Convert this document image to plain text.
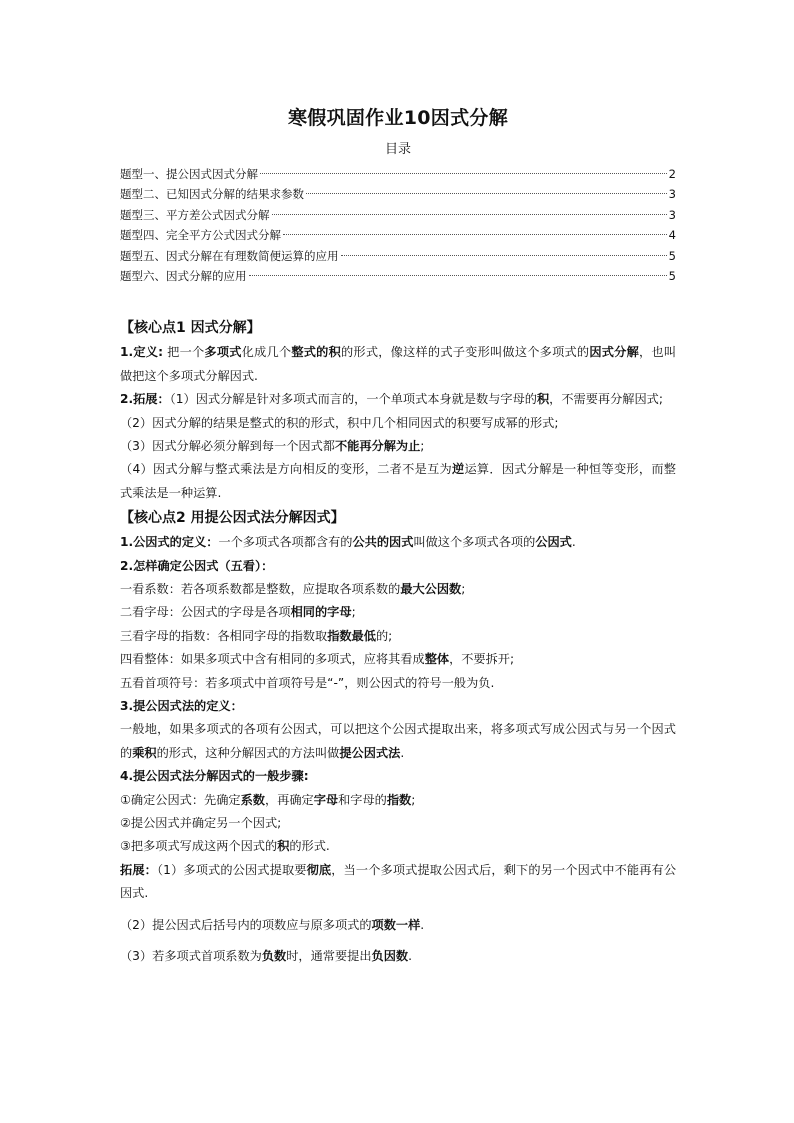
寒假巩固作业10因式分解
目录
题型一、提公因式因式分解	2
题型二、已知因式分解的结果求参数	3
题型三、平方差公式因式分解	3
题型四、完全平方公式因式分解	4
题型五、因式分解在有理数简便运算的应用	5
题型六、因式分解的应用	5
【核心点1 因式分解】

1.定义: 把一个多项式化成几个整式的积的形式，像这样的式子变形叫做这个多项式的因式分解，也叫做把这个多项式分解因式.

2.拓展：（1）因式分解是针对多项式而言的，一个单项式本身就是数与字母的积，不需要再分解因式;

（2）因式分解的结果是整式的积的形式，积中几个相同因式的积要写成幂的形式;

（3）因式分解必须分解到每一个因式都不能再分解为止;

（4）因式分解与整式乘法是方向相反的变形，二者不是互为逆运算．因式分解是一种恒等变形，而整式乘法是一种运算.

【核心点2 用提公因式法分解因式】

1.公因式的定义：一个多项式各项都含有的公共的因式叫做这个多项式各项的公因式.

2.怎样确定公因式（五看）：

一看系数：若各项系数都是整数，应提取各项系数的最大公因数;

二看字母：公因式的字母是各项相同的字母;

三看字母的指数：各相同字母的指数取指数最低的;

四看整体：如果多项式中含有相同的多项式，应将其看成整体，不要拆开;

五看首项符号：若多项式中首项符号是“-”，则公因式的符号一般为负.

3.提公因式法的定义：

一般地，如果多项式的各项有公因式，可以把这个公因式提取出来，将多项式写成公因式与另一个因式的乘积的形式，这种分解因式的方法叫做提公因式法.

4.提公因式法分解因式的一般步骤:

①确定公因式：先确定系数，再确定字母和字母的指数;

②提公因式并确定另一个因式;

③把多项式写成这两个因式的积的形式.

拓展：（1）多项式的公因式提取要彻底，当一个多项式提取公因式后，剩下的另一个因式中不能再有公因式.

（2）提公因式后括号内的项数应与原多项式的项数一样.

（3）若多项式首项系数为负数时，通常要提出负因数.
